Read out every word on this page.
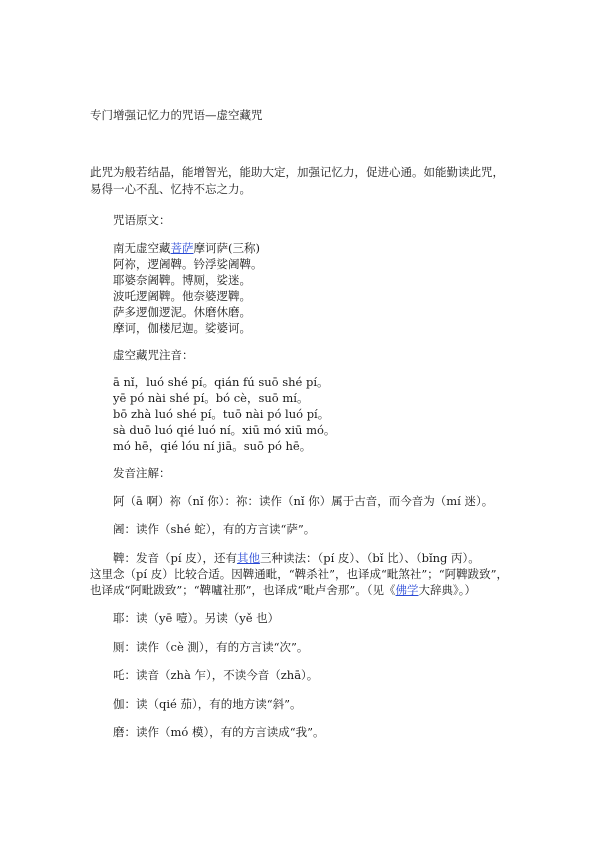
专门增强记忆力的咒语—虚空藏咒
此咒为般若结晶，能增智光，能助大定，加强记忆力，促进心通。如能勤读此咒，
易得一心不乱、忆持不忘之力。
咒语原文：
南无虚空藏菩萨摩诃萨(三称)
阿祢，逻阇鞞。钤浮娑阇鞞。
耶婆奈阇鞞。博厕，娑迷。
波吒逻阇鞞。他奈婆逻鞞。
萨多逻伽逻泥。休磨休磨。
摩诃，伽楼尼迦。娑婆诃。
虚空藏咒注音：
ā nǐ，luó shé pí。qián fú suō shé pí。
yē pó nài shé pí。bó cè，suō mí。
bō zhà luó shé pí。tuō nài pó luó pí。
sà duō luó qié luó ní。xiū mó xiū mó。
mó hē，qié lóu ní jiā。suō pó hē。
发音注解：
阿（ā 啊）祢（nǐ 你）：祢：读作（nǐ 你）属于古音，而今音为（mí 迷）。
阇：读作（shé 蛇），有的方言读“萨”。
鞞：发音（pí 皮），还有其他三种读法：（pí 皮）、（bǐ 比）、（bǐng 丙）。
这里念（pí 皮）比较合适。因鞞通毗，“鞞杀社”，也译成“毗煞社”；“阿鞞跋致”，
也译成“阿毗跋致”；“鞞嚧社那”，也译成“毗卢舍那”。（见《佛学大辞典》。）
耶：读（yē 噎）。另读（yě 也）
厕：读作（cè 測），有的方言读“次”。
吒：读音（zhà 乍），不读今音（zhā）。
伽：读（qié 茄），有的地方读“斜”。
磨：读作（mó 模），有的方言读成“我”。
